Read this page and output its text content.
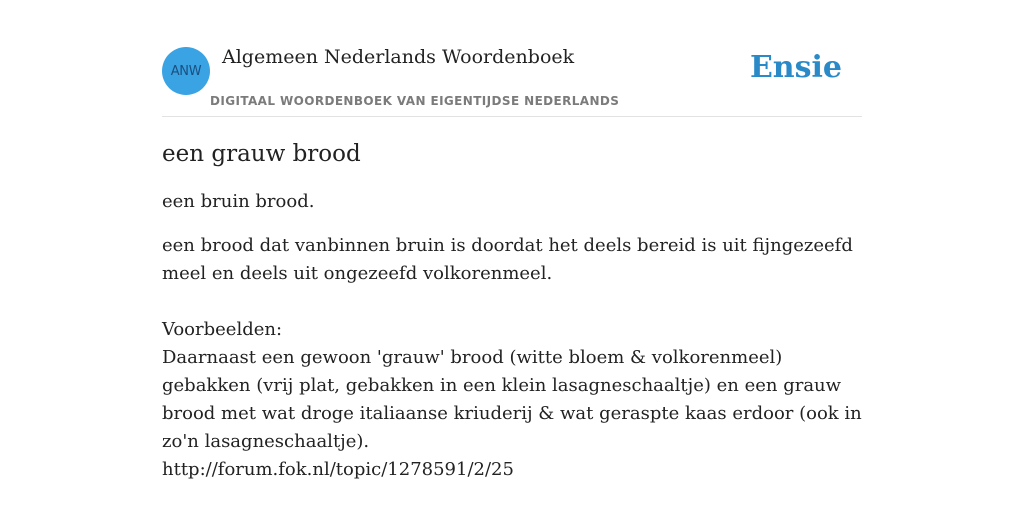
ANW
Algemeen Nederlands Woordenboek
DIGITAAL WOORDENBOEK VAN EIGENTIJDSE NEDERLANDS
Ensie
een grauw brood

een bruin brood.

een brood dat vanbinnen bruin is doordat het deels bereid is uit fijngezeefd meel en deels uit ongezeefd volkorenmeel.

Voorbeelden:
Daarnaast een gewoon 'grauw' brood (witte bloem & volkorenmeel) gebakken (vrij plat, gebakken in een klein lasagneschaaltje) en een grauw brood met wat droge italiaanse kriuderij & wat geraspte kaas erdoor (ook in zo'n lasagneschaaltje).
http://forum.fok.nl/topic/1278591/2/25
